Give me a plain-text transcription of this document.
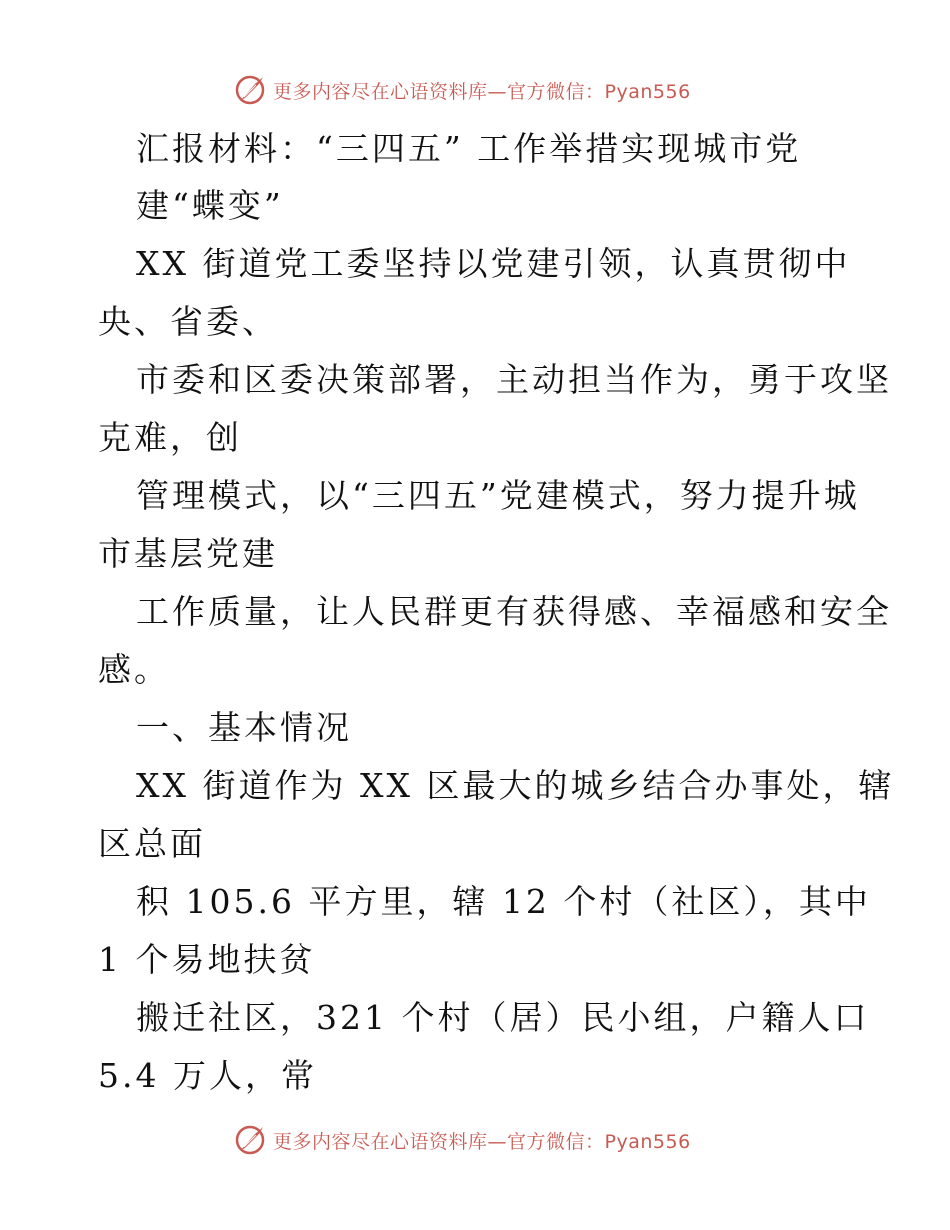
更多内容尽在心语资料库—官方微信：Pyan556
汇报材料：“三四五” 工作举措实现城市党
建“蝶变”
XX 街道党工委坚持以党建引领，认真贯彻中
央、省委、
市委和区委决策部署，主动担当作为，勇于攻坚
克难，创
管理模式，以“三四五”党建模式，努力提升城
市基层党建
工作质量，让人民群更有获得感、幸福感和安全
感。
一、基本情况
XX 街道作为 XX 区最大的城乡结合办事处，辖
区总面
积 105.6 平方里，辖 12 个村（社区），其中
1 个易地扶贫
搬迁社区，321 个村（居）民小组，户籍人口
5.4 万人，常
更多内容尽在心语资料库—官方微信：Pyan556
